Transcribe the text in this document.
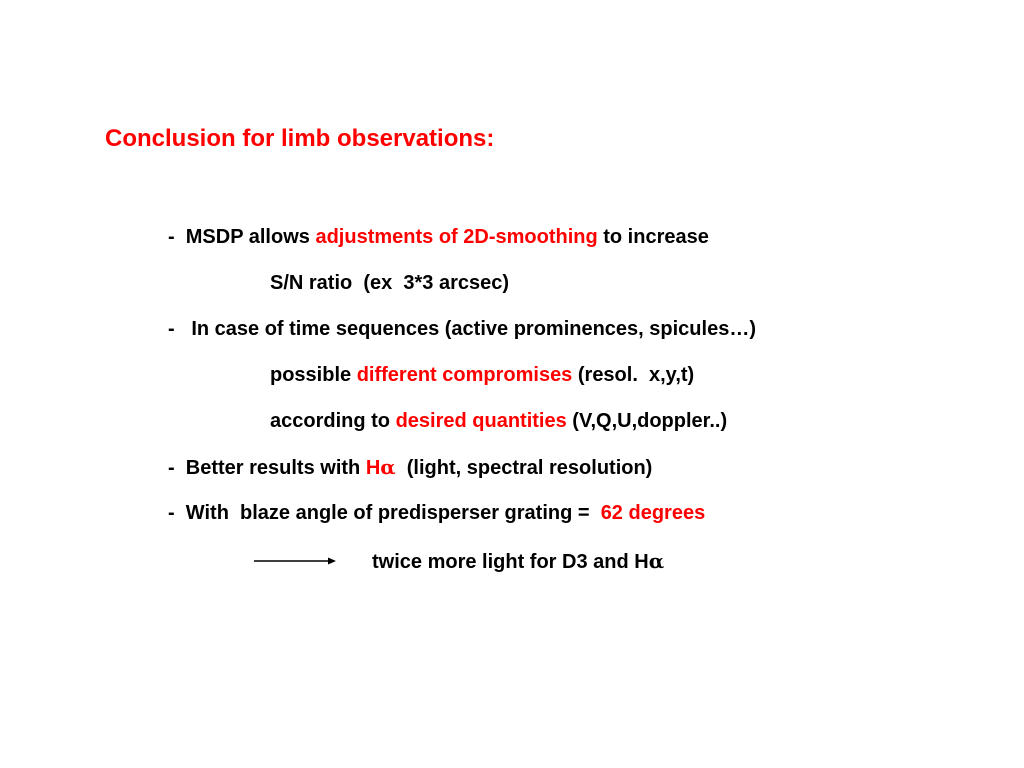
Conclusion for limb observations:
-  MSDP allows adjustments of 2D-smoothing to increase
S/N ratio  (ex  3*3 arcsec)
-   In case of time sequences (active prominences, spicules…)
possible different compromises (resol.  x,y,t)
according to desired quantities (V,Q,U,doppler..)
-  Better results with Hα  (light, spectral resolution)
-  With  blaze angle of predisperser grating =  62 degrees
twice more light for D3 and Hα
